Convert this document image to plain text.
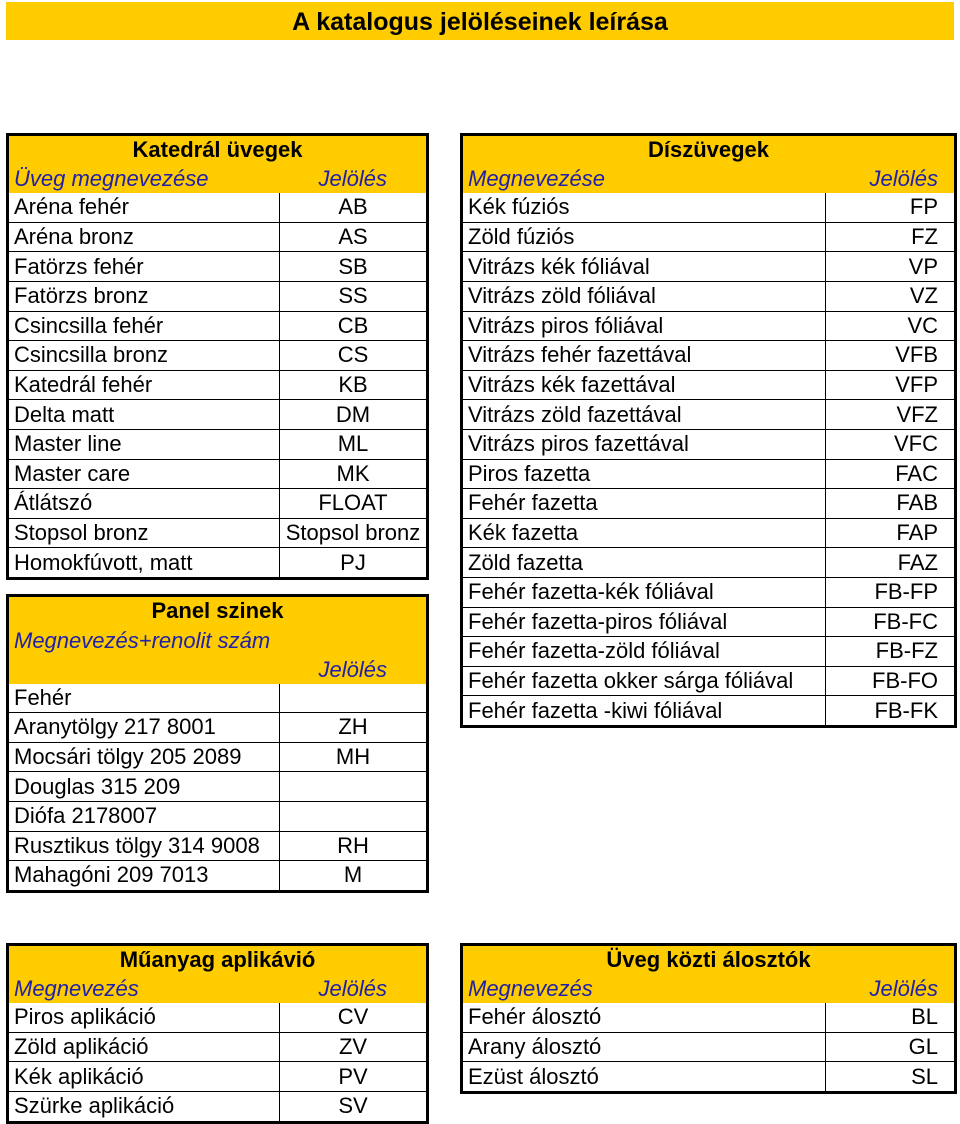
A katalogus jelöléseinek leírása
Katedrál üvegek	
Üveg megnevezése	Jelölés
Aréna fehér	AB
Aréna bronz	AS
Fatörzs fehér	SB
Fatörzs bronz	SS
Csincsilla fehér	CB
Csincsilla bronz	CS
Katedrál fehér	KB
Delta matt	DM
Master line	ML
Master care	MK
Átlátszó	FLOAT
Stopsol bronz	Stopsol bronz
Homokfúvott, matt	PJ
Panel szinek	
Megnevezés+renolit szám	Jelölés
Fehér	
Aranytölgy 217 8001	ZH
Mocsári tölgy 205 2089	MH
Douglas 315 209	
Diófa 2178007	
Rusztikus tölgy 314 9008	RH
Mahagóni 209 7013	M
Díszüvegek	
Megnevezése	Jelölés
Kék fúziós	FP
Zöld fúziós	FZ
Vitrázs kék fóliával	VP
Vitrázs zöld fóliával	VZ
Vitrázs piros fóliával	VC
Vitrázs fehér fazettával	VFB
Vitrázs kék fazettával	VFP
Vitrázs zöld fazettával	VFZ
Vitrázs piros fazettával	VFC
Piros fazetta	FAC
Fehér fazetta	FAB
Kék fazetta	FAP
Zöld fazetta	FAZ
Fehér fazetta-kék fóliával	FB-FP
Fehér fazetta-piros fóliával	FB-FC
Fehér fazetta-zöld fóliával	FB-FZ
Fehér fazetta okker sárga fóliával	FB-FO
Fehér fazetta -kiwi fóliával	FB-FK
Műanyag aplikávió	
Megnevezés	Jelölés
Piros aplikáció	CV
Zöld aplikáció	ZV
Kék aplikáció	PV
Szürke aplikáció	SV
Üveg közti álosztók	
Megnevezés	Jelölés
Fehér álosztó	BL
Arany álosztó	GL
Ezüst álosztó	SL
